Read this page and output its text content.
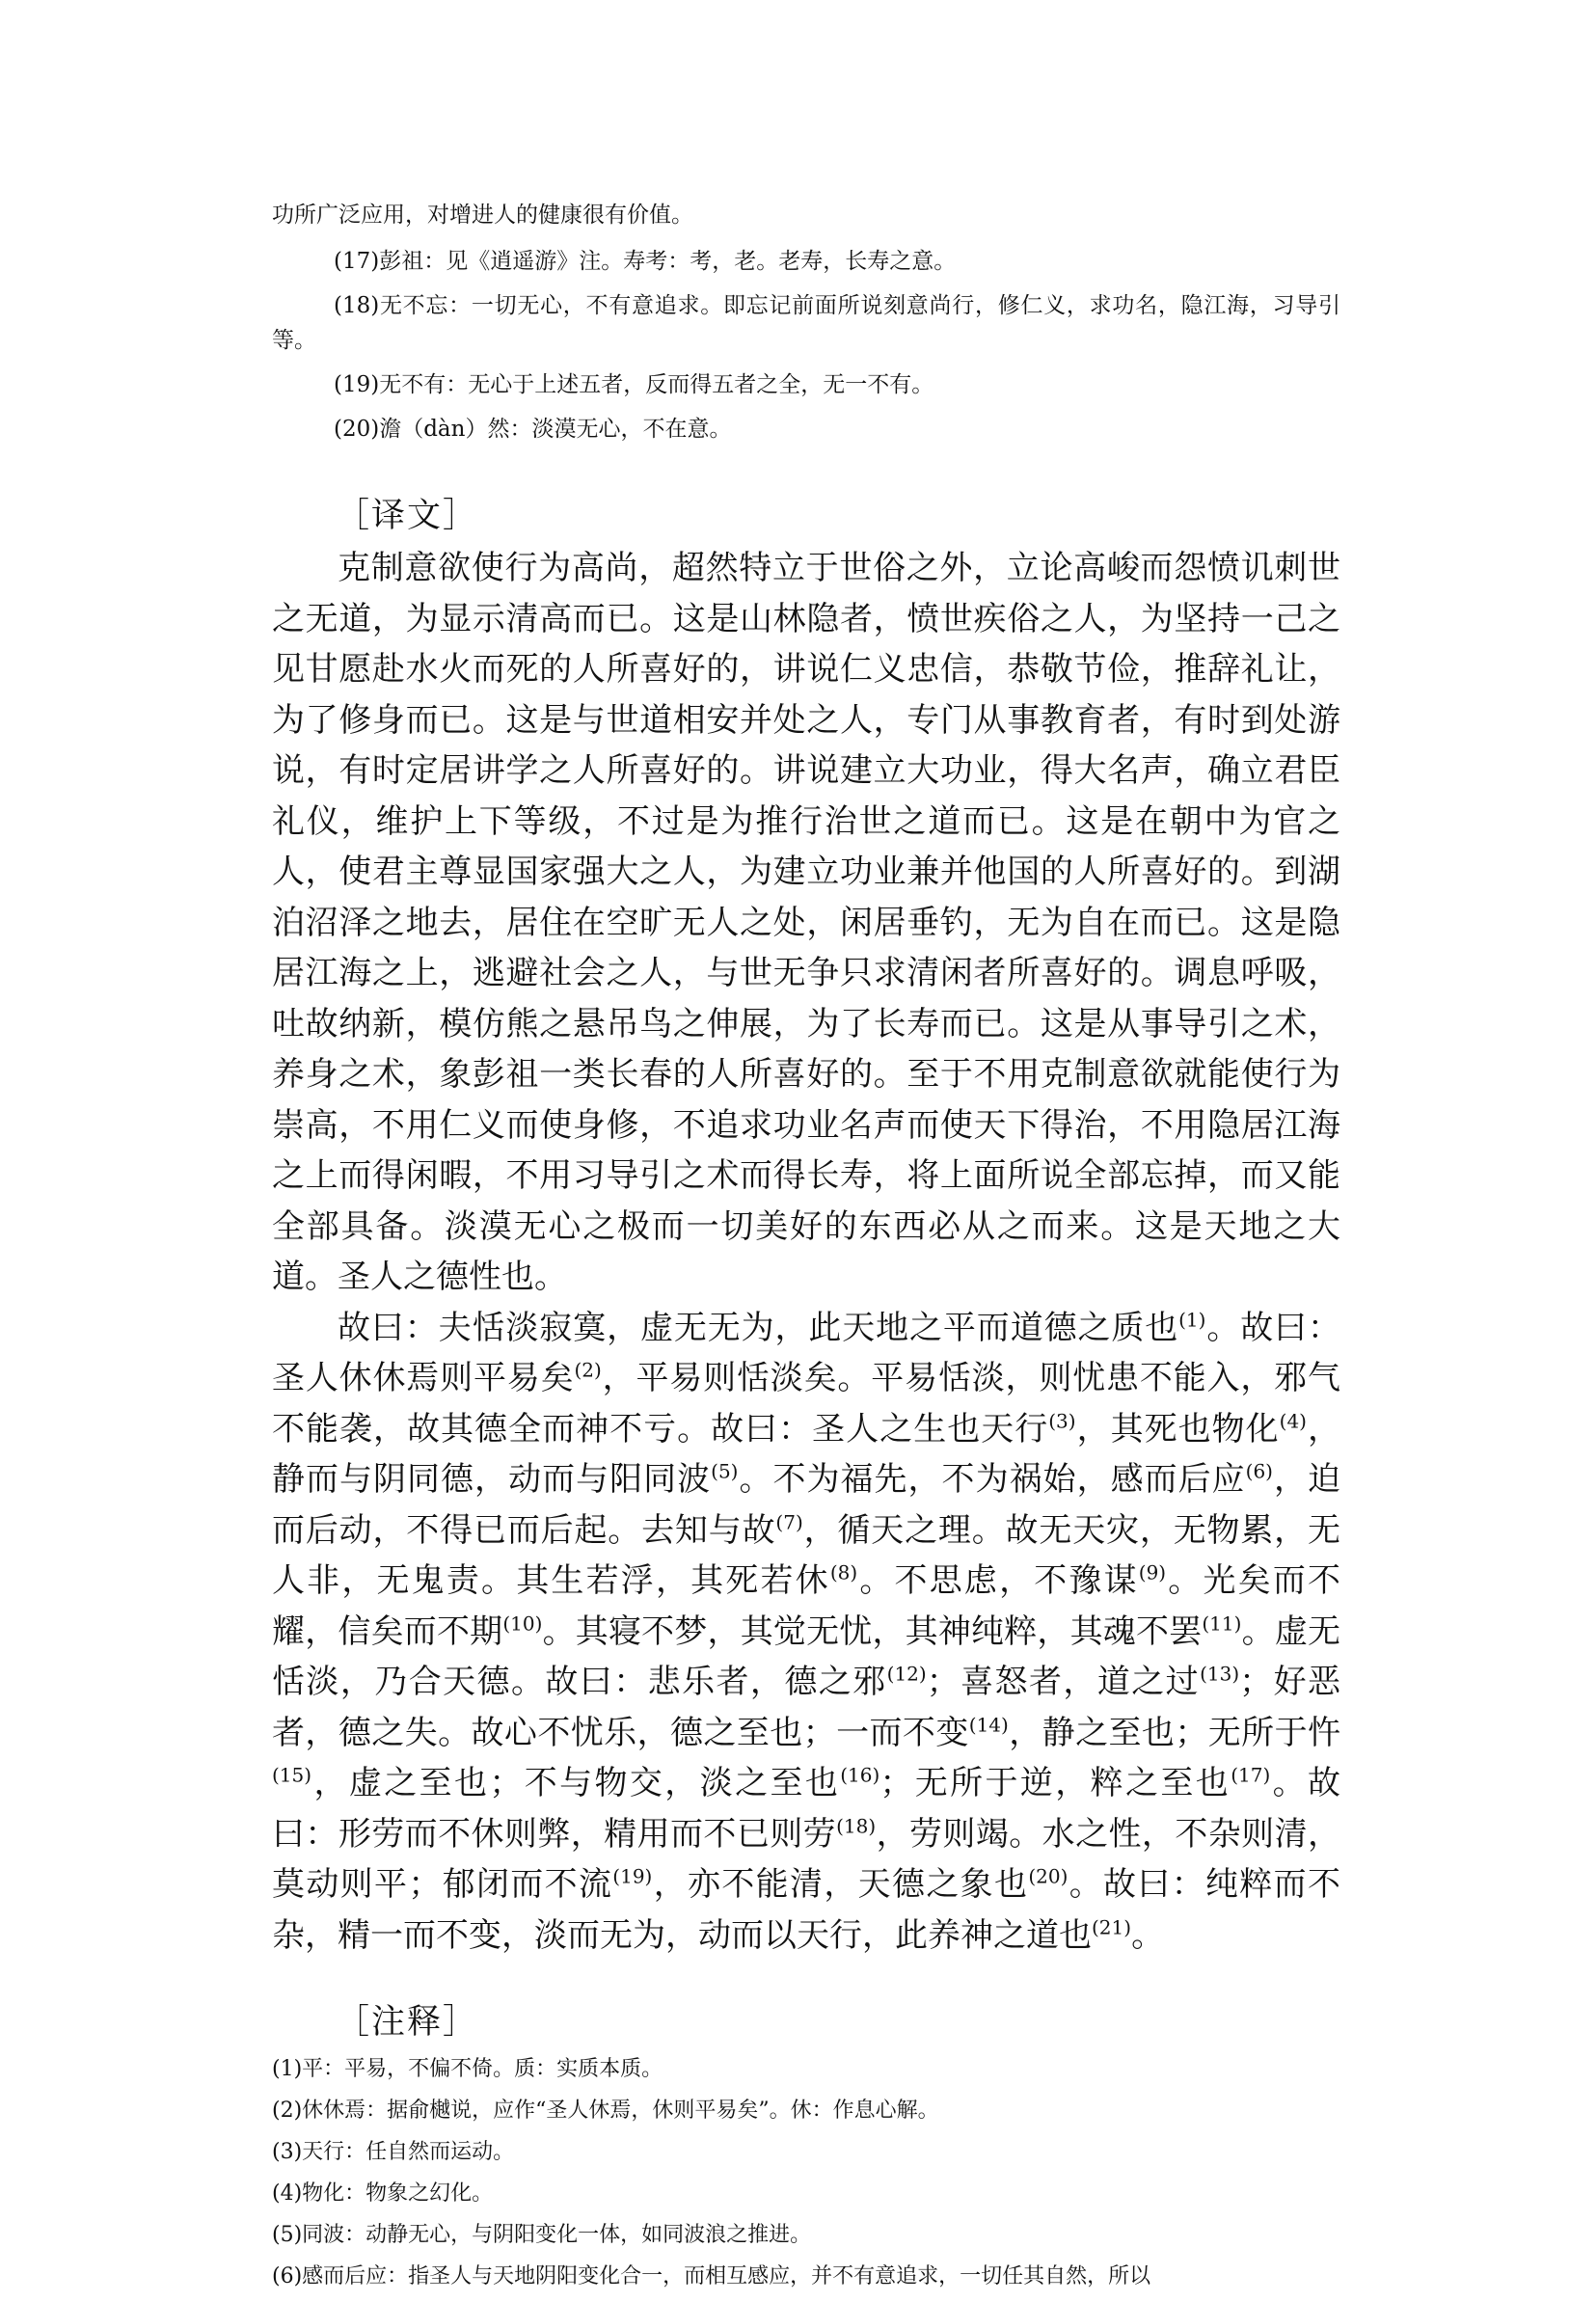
功所广泛应用，对增进人的健康很有价值。

(17)彭祖：见《逍遥游》注。寿考：考，老。老寿，长寿之意。

(18)无不忘：一切无心，不有意追求。即忘记前面所说刻意尚行，修仁义，求功名，隐江海，习导引等。

(19)无不有：无心于上述五者，反而得五者之全，无一不有。

(20)澹（dàn）然：淡漠无心，不在意。

［译文］

克制意欲使行为高尚，超然特立于世俗之外，立论高峻而怨愤讥刺世之无道，为显示清高而已。这是山林隐者，愤世疾俗之人，为坚持一己之见甘愿赴水火而死的人所喜好的，讲说仁义忠信，恭敬节俭，推辞礼让，为了修身而已。这是与世道相安并处之人，专门从事教育者，有时到处游说，有时定居讲学之人所喜好的。讲说建立大功业，得大名声，确立君臣礼仪，维护上下等级，不过是为推行治世之道而已。这是在朝中为官之人，使君主尊显国家强大之人，为建立功业兼并他国的人所喜好的。到湖泊沼泽之地去，居住在空旷无人之处，闲居垂钓，无为自在而已。这是隐居江海之上，逃避社会之人，与世无争只求清闲者所喜好的。调息呼吸，吐故纳新，模仿熊之悬吊鸟之伸展，为了长寿而已。这是从事导引之术，养身之术，象彭祖一类长春的人所喜好的。至于不用克制意欲就能使行为崇高，不用仁义而使身修，不追求功业名声而使天下得治，不用隐居江海之上而得闲暇，不用习导引之术而得长寿，将上面所说全部忘掉，而又能全部具备。淡漠无心之极而一切美好的东西必从之而来。这是天地之大道。圣人之德性也。

故曰：夫恬淡寂寞，虚无无为，此天地之平而道德之质也$^{(1)}$。故曰：圣人休休焉则平易矣$^{(2)}$，平易则恬淡矣。平易恬淡，则忧患不能入，邪气不能袭，故其德全而神不亏。故曰：圣人之生也天行$^{(3)}$，其死也物化$^{(4)}$，静而与阴同德，动而与阳同波$^{(5)}$。不为福先，不为祸始，感而后应$^{(6)}$，迫而后动，不得已而后起。去知与故$^{(7)}$，循天之理。故无天灾，无物累，无人非，无鬼责。其生若浮，其死若休$^{(8)}$。不思虑，不豫谋$^{(9)}$。光矣而不耀，信矣而不期$^{(10)}$。其寝不梦，其觉无忧，其神纯粹，其魂不罢$^{(11)}$。虚无恬淡，乃合天德。故曰：悲乐者，德之邪$^{(12)}$；喜怒者，道之过$^{(13)}$；好恶者，德之失。故心不忧乐，德之至也；一而不变$^{(14)}$，静之至也；无所于忤$^{(15)}$，虚之至也；不与物交，淡之至也$^{(16)}$；无所于逆，粹之至也$^{(17)}$。故曰：形劳而不休则弊，精用而不已则劳$^{(18)}$，劳则竭。水之性，不杂则清，莫动则平；郁闭而不流$^{(19)}$，亦不能清，天德之象也$^{(20)}$。故曰：纯粹而不杂，精一而不变，淡而无为，动而以天行，此养神之道也$^{(21)}$。

［注释］

(1)平：平易，不偏不倚。质：实质本质。

(2)休休焉：据俞樾说，应作“圣人休焉，休则平易矣”。休：作息心解。

(3)天行：任自然而运动。

(4)物化：物象之幻化。

(5)同波：动静无心，与阴阳变化一体，如同波浪之推进。

(6)感而后应：指圣人与天地阴阳变化合一，而相互感应，并不有意追求，一切任其自然，所以
